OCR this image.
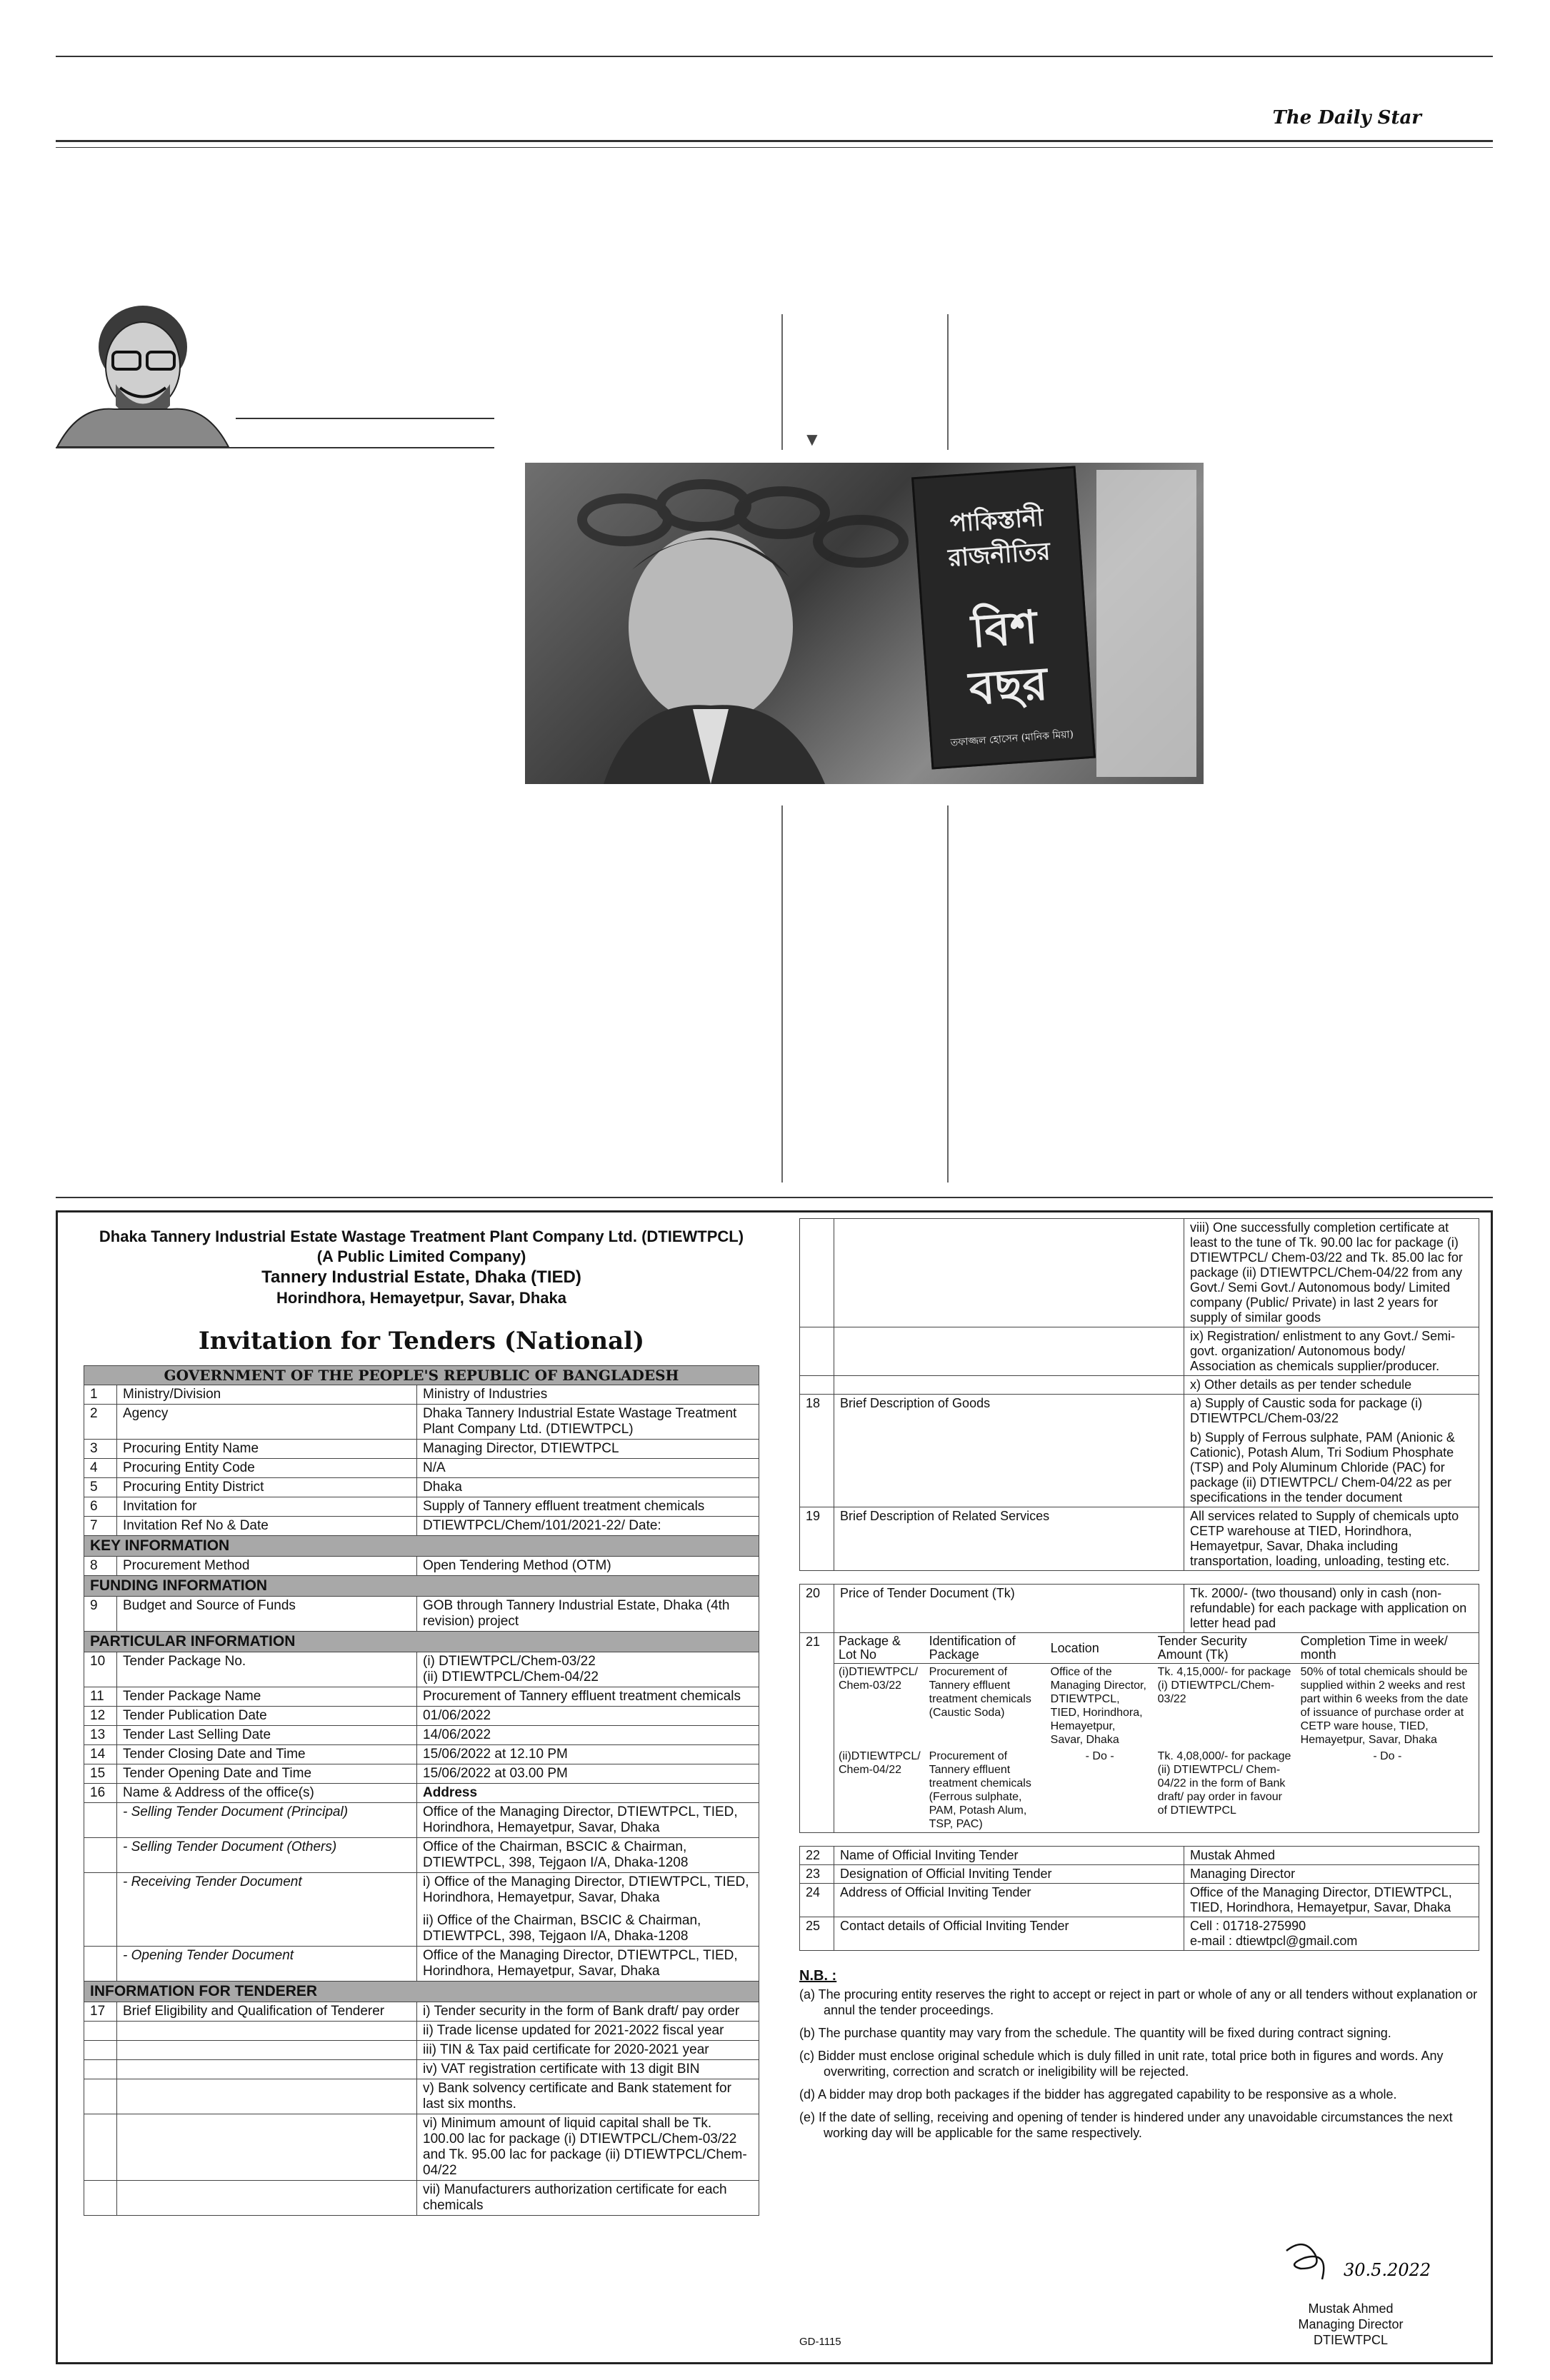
The Daily Star
▼
পাকিস্তানী
রাজনীতির
বিশ
বছর
তফাজ্জল হোসেন (মানিক মিয়া)
Dhaka Tannery Industrial Estate Wastage Treatment Plant Company Ltd. (DTIEWTPCL)
(A Public Limited Company)
Tannery Industrial Estate, Dhaka (TIED)
Horindhora, Hemayetpur, Savar, Dhaka
Invitation for Tenders (National)
GOVERNMENT OF THE PEOPLE'S REPUBLIC OF BANGLADESH		
1	Ministry/Division	Ministry of Industries
2	Agency	Dhaka Tannery Industrial Estate Wastage Treatment Plant Company Ltd. (DTIEWTPCL)
3	Procuring Entity Name	Managing Director, DTIEWTPCL
4	Procuring Entity Code	N/A
5	Procuring Entity District	Dhaka
6	Invitation for	Supply of Tannery effluent treatment chemicals
7	Invitation Ref No & Date	DTIEWTPCL/Chem/101/2021-22/ Date:
KEY INFORMATION		
8	Procurement Method	Open Tendering Method (OTM)
FUNDING INFORMATION		
9	Budget and Source of Funds	GOB through Tannery Industrial Estate, Dhaka (4th revision) project
PARTICULAR INFORMATION		
10	Tender Package No.	(i) DTIEWTPCL/Chem-03/22
(ii) DTIEWTPCL/Chem-04/22

11	Tender Package Name	Procurement of Tannery effluent treatment chemicals
12	Tender Publication Date	01/06/2022
13	Tender Last Selling Date	14/06/2022
14	Tender Closing Date and Time	15/06/2022 at 12.10 PM
15	Tender Opening Date and Time	15/06/2022 at 03.00 PM
16	Name & Address of the office(s)	Address
	- Selling Tender Document (Principal)	Office of the Managing Director, DTIEWTPCL, TIED, Horindhora, Hemayetpur, Savar, Dhaka
	- Selling Tender Document (Others)	Office of the Chairman, BSCIC & Chairman, DTIEWTPCL, 398, Tejgaon I/A, Dhaka-1208
	- Receiving Tender Document	i) Office of the Managing Director, DTIEWTPCL, TIED, Horindhora, Hemayetpur, Savar, Dhaka
ii) Office of the Chairman, BSCIC & Chairman, DTIEWTPCL, 398, Tejgaon I/A, Dhaka-1208

	- Opening Tender Document	Office of the Managing Director, DTIEWTPCL, TIED, Horindhora, Hemayetpur, Savar, Dhaka
INFORMATION FOR TENDERER		
17	Brief Eligibility and Qualification of Tenderer	i) Tender security in the form of Bank draft/ pay order
		ii) Trade license updated for 2021-2022 fiscal year
		iii) TIN & Tax paid certificate for 2020-2021 year
		iv) VAT registration certificate with 13 digit BIN
		v) Bank solvency certificate and Bank statement for last six months.
		vi) Minimum amount of liquid capital shall be Tk. 100.00 lac for package (i) DTIEWTPCL/Chem-03/22 and Tk. 95.00 lac for package (ii) DTIEWTPCL/Chem-04/22
		vii) Manufacturers authorization certificate for each chemicals
		viii) One successfully completion certificate at least to the tune of Tk. 90.00 lac for package (i) DTIEWTPCL/ Chem-03/22 and Tk. 85.00 lac for package (ii) DTIEWTPCL/Chem-04/22 from any Govt./ Semi Govt./ Autonomous body/ Limited company (Public/ Private) in last 2 years for supply of similar goods
		ix) Registration/ enlistment to any Govt./ Semi-govt. organization/ Autonomous body/ Association as chemicals supplier/producer.
		x) Other details as per tender schedule
18	Brief Description of Goods	a) Supply of Caustic soda for package (i) DTIEWTPCL/Chem-03/22
b) Supply of Ferrous sulphate, PAM (Anionic & Cationic), Potash Alum, Tri Sodium Phosphate (TSP) and Poly Aluminum Chloride (PAC) for package (ii) DTIEWTPCL/ Chem-04/22 as per specifications in the tender document

19	Brief Description of Related Services	All services related to Supply of chemicals upto CETP warehouse at TIED, Horindhora, Hemayetpur, Savar, Dhaka including transportation, loading, unloading, testing etc.
20	Price of Tender Document (Tk)	Tk. 2000/- (two thousand) only in cash (non-refundable) for each package with application on letter head pad
21	Package & Lot No	Identification of Package	Location	Tender Security Amount (Tk)	Completion Time in week/ month
(i)DTIEWTPCL/ Chem-03/22	Procurement of Tannery effluent treatment chemicals (Caustic Soda)	Office of the Managing Director, DTIEWTPCL, TIED, Horindhora, Hemayetpur, Savar, Dhaka	Tk. 4,15,000/- for package (i) DTIEWTPCL/Chem-03/22	50% of total chemicals should be supplied within 2 weeks and rest part within 6 weeks from the date of issuance of purchase order at CETP ware house, TIED, Hemayetpur, Savar, Dhaka
(ii)DTIEWTPCL/ Chem-04/22	Procurement of Tannery effluent treatment chemicals (Ferrous sulphate, PAM, Potash Alum, TSP, PAC)	- Do -	Tk. 4,08,000/- for package (ii) DTIEWTPCL/ Chem-04/22 in the form of Bank draft/ pay order in favour of DTIEWTPCL	- Do -
22	Name of Official Inviting Tender	Mustak Ahmed
23	Designation of Official Inviting Tender	Managing Director
24	Address of Official Inviting Tender	Office of the Managing Director, DTIEWTPCL, TIED, Horindhora, Hemayetpur, Savar, Dhaka
25	Contact details of Official Inviting Tender	Cell : 01718-275990
e-mail : dtiewtpcl@gmail.com
N.B. :

(a) The procuring entity reserves the right to accept or reject in part or whole of any or all tenders without explanation or annul the tender proceedings.

(b) The purchase quantity may vary from the schedule. The quantity will be fixed during contract signing.

(c) Bidder must enclose original schedule which is duly filled in unit rate, total price both in figures and words. Any overwriting, correction and scratch or ineligibility will be rejected.

(d) A bidder may drop both packages if the bidder has aggregated capability to be responsive as a whole.

(e) If the date of selling, receiving and opening of tender is hindered under any unavoidable circumstances the next working day will be applicable for the same respectively.

GD-1115
30.5.2022
Mustak Ahmed
Managing Director
DTIEWTPCL
